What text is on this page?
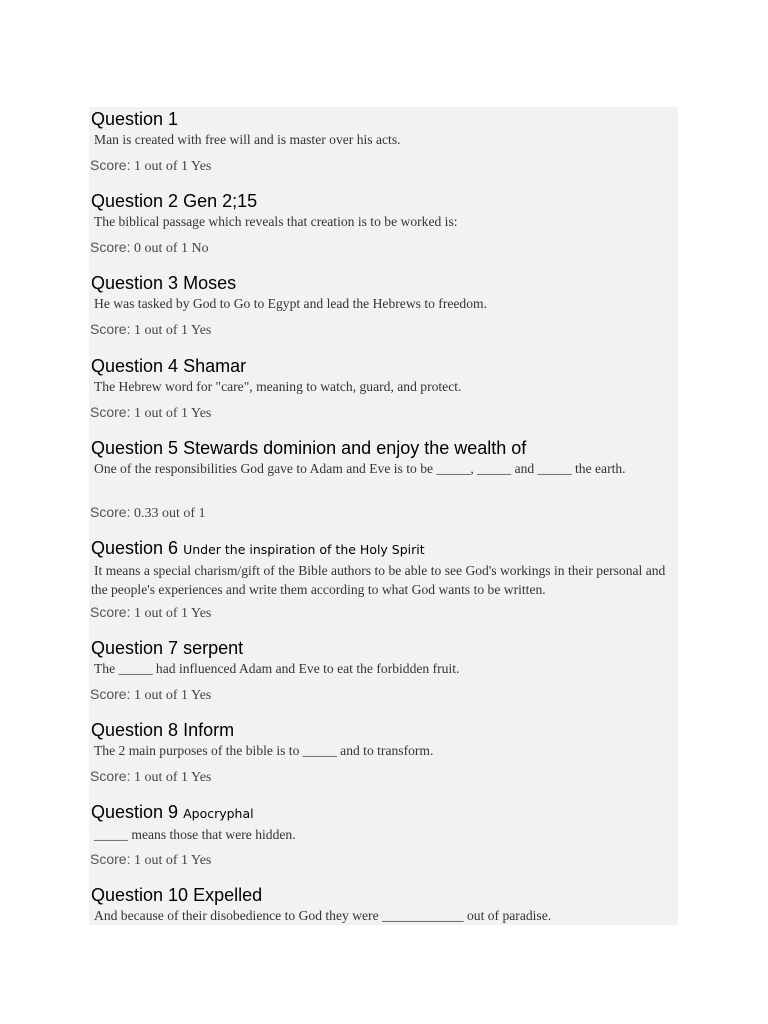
Question 1
Man is created with free will and is master over his acts.
Score: 1 out of 1 Yes
Question 2 Gen 2;15
The biblical passage which reveals that creation is to be worked is:
Score: 0 out of 1 No
Question 3 Moses
He was tasked by God to Go to Egypt and lead the Hebrews to freedom.
Score: 1 out of 1 Yes
Question 4 Shamar
The Hebrew word for "care", meaning to watch, guard, and protect.
Score: 1 out of 1 Yes
Question 5 Stewards dominion and enjoy the wealth of
One of the responsibilities God gave to Adam and Eve is to be _____, _____ and _____ the earth.
Score: 0.33 out of 1
Question 6 Under the inspiration of the Holy Spirit
It means a special charism/gift of the Bible authors to be able to see God's workings in their personal and the people's experiences and write them according to what God wants to be written.
Score: 1 out of 1 Yes
Question 7 serpent
The _____ had influenced Adam and Eve to eat the forbidden fruit.
Score: 1 out of 1 Yes
Question 8 Inform
The 2 main purposes of the bible is to _____ and to transform.
Score: 1 out of 1 Yes
Question 9 Apocryphal
_____ means those that were hidden.
Score: 1 out of 1 Yes
Question 10 Expelled
And because of their disobedience to God they were ____________ out of paradise.
